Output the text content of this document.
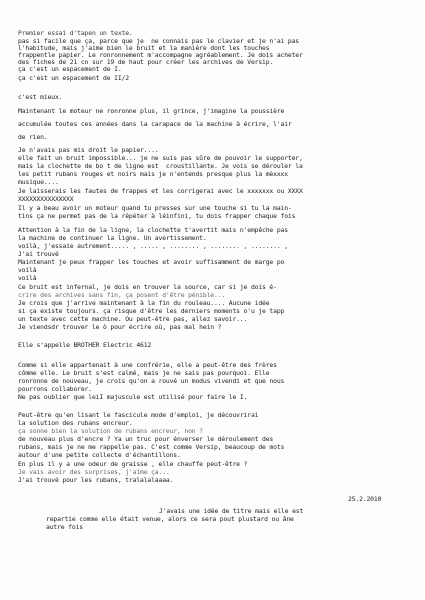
Premier essai d'tapen un texte.
pas si facile que ça, parce que je  ne connais pas le clavier et je n'ai pas
l'habitude, mais j'aime bien le bruit et la manière dont les touches
frappentle papier. Le ronronnement m'accompagne agréablement. Je dois acheter
des fiches de 21 cn sur 19 de haut pour créer les archives de Versip.
ça c'est un espacement de I.
ça c'est un espacement de II/2
c'est mieux.
Maintenant le moteur ne ronronne plus, il grince, j'imagine la poussière
accumulée toutes ces années dans la carapace de la machine à écrire, l'air
de rien.
Je n'avais pas mis droit le papier....
elle fait un bruit impossible... je ne suis pas sûre de pouvoir le supporter,
mais la clochette de bo t de ligne est  croustillante. Je vois se dérouler la
les petit rubans rouges et noirs mais je n'entends presque plus la mèxxxx
musique....
Je laisserais les fautes de frappes et les corrigerai avec le xxxxxxx ou XXXX
XXXXXXXXXXXXXXX
Il y a beau avoir un moteur quand tu presses sur une touche si tu la main-
tins ça ne permet pas de la répéter à léinfini, tu dois frapper chaque fois
Attention à la fin de la ligne, la clochette t'avertit mais n'empêche pas
la machine de continuer la ligne. Un avertissement.
voilà, j'essaie autrement..... , ..... , ........ , ........ , ........ ,
J'ai trouvé
Maintenant je peux frapper les touches et avoir suffisamment de marge po
voilà
voilà
Ce bruit est infernal, je dois en trouver la source, car si je dois é-
crire des archives sans fin, ça posent d'être pénible...
Je crois que j'arrive maintenant à la fin du rouleau.... Aucune idée
si ça existe toujours. ça risque d'être les derniers moments o'u je tapp
un texte avec cette machine. Ou peut-être pas, allez savoir...
Je viendsdr trouver le ò pour écrire où, pas mal hein ?
Elle s'appelle BROTHER Electric 4612
Comme si elle appartenait à une confrérie, elle a peut-être des frères
cômme elle. Le bruit s'est calmé, mais je ne sais pas pourquoi. Elle
ronronne de nouveau, je crois qu'on a rouvé un modus vivendi et que nous
pourrons collaborer.
Ne pas oublier que leiI majuscule est utilisé pour faire le I.
Peut-être qu'en lisant le fascicule mode d'emploi, je découvrirai
la solution des rubans encreur.
ça sonne bien la solution de rubans encreur, non ?
de nouveau plus d'encre ? Ya un truc pour énverser le déroulement des
rubans, mais je ne me rappelle pas. C'est comme Versip, beaucoup de mots
autour d'une petite collecte d'échantillons.
En plus il y a une odeur de graisse , elle chauffe peut-être ?
Je vais avoir des surprises, j'aime ça...
J'ai trouvé pour les rubans, tralalalaaaa.
25.2.2010
J'avais une idée de titre mais elle est
repartie comme elle était venue, alors ce sera pout plustard ou âne
autre fois
